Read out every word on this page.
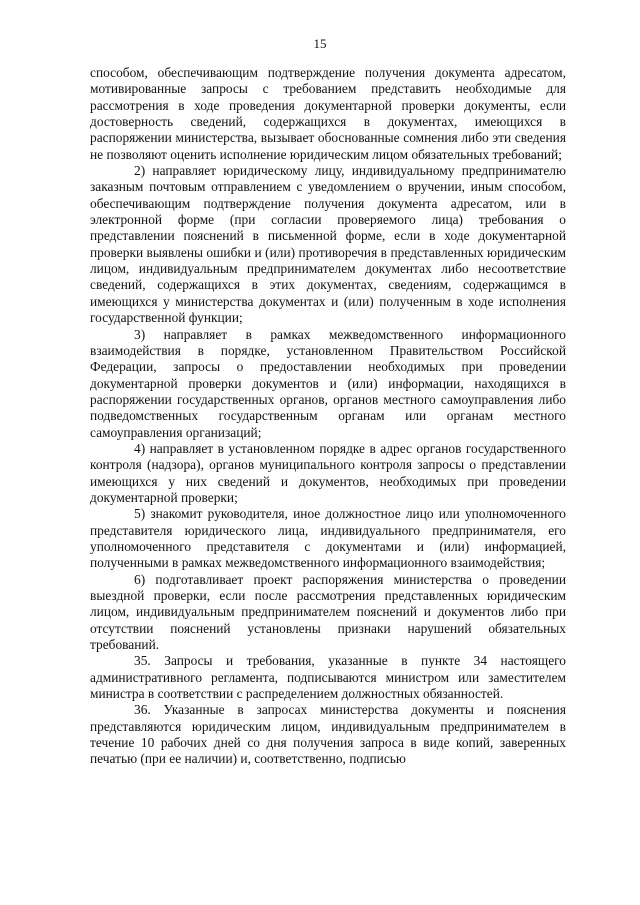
15

способом, обеспечивающим подтверждение получения документа адресатом, мотивированные запросы с требованием представить необходимые для рассмотрения в ходе проведения документарной проверки документы, если достоверность сведений, содержащихся в документах, имеющихся в распоряжении министерства, вызывает обоснованные сомнения либо эти сведения не позволяют оценить исполнение юридическим лицом обязательных требований;

2) направляет юридическому лицу, индивидуальному предпринимателю заказным почтовым отправлением с уведомлением о вручении, иным способом, обеспечивающим подтверждение получения документа адресатом, или в электронной форме (при согласии проверяемого лица) требования о представлении пояснений в письменной форме, если в ходе документарной проверки выявлены ошибки и (или) противоречия в представленных юридическим лицом, индивидуальным предпринимателем документах либо несоответствие сведений, содержащихся в этих документах, сведениям, содержащимся в имеющихся у министерства документах и (или) полученным в ходе исполнения государственной функции;

3) направляет в рамках межведомственного информационного взаимодействия в порядке, установленном Правительством Российской Федерации, запросы о предоставлении необходимых при проведении документарной проверки документов и (или) информации, находящихся в распоряжении государственных органов, органов местного самоуправления либо подведомственных государственным органам или органам местного самоуправления организаций;

4) направляет в установленном порядке в адрес органов государственного контроля (надзора), органов муниципального контроля запросы о представлении имеющихся у них сведений и документов, необходимых при проведении документарной проверки;

5) знакомит руководителя, иное должностное лицо или уполномоченного представителя юридического лица, индивидуального предпринимателя, его уполномоченного представителя с документами и (или) информацией, полученными в рамках межведомственного информационного взаимодействия;

6) подготавливает проект распоряжения министерства о проведении выездной проверки, если после рассмотрения представленных юридическим лицом, индивидуальным предпринимателем пояснений и документов либо при отсутствии пояснений установлены признаки нарушений обязательных требований.

35. Запросы и требования, указанные в пункте 34 настоящего административного регламента, подписываются министром или заместителем министра в соответствии с распределением должностных обязанностей.

36. Указанные в запросах министерства документы и пояснения представляются юридическим лицом, индивидуальным предпринимателем в течение 10 рабочих дней со дня получения запроса в виде копий, заверенных печатью (при ее наличии) и, соответственно, подписью
